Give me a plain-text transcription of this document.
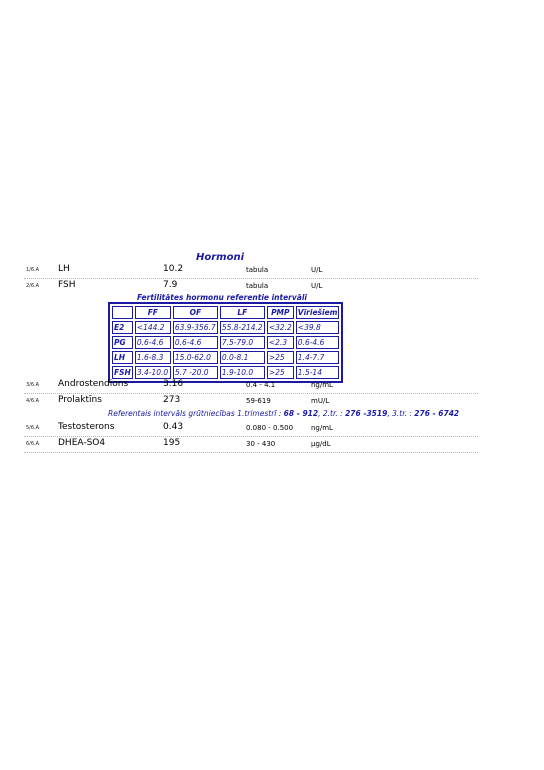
Hormoni
1/6.A LH	10.2	tabula	U/L
2/6.A FSH	7.9	tabula	U/L
Fertilitātes hormonu referentie intervāli
	FF	OF	LF	PMP	Vīriešiem
E2	<144.2	63.9-356.7	55.8-214.2	<32.2	<39.8
PG	0.6-4.6	0.6-4.6	7.5-79.0	<2.3	0.6-4.6
LH	1.6-8.3	15.0-62.0	0.0-8.1	>25	1.4-7.7
FSH	3.4-10.0	5.7 -20.0	1.9-10.0	>25	1.5-14
3/6.A Androstendions	3.16	0.4 - 4.1	ng/mL
4/6.A Prolaktīns	273	59-619	mU/L
Referentais intervāls grūtniecības 1.trimestrī : 68 - 912, 2.tr. : 276 -3519, 3.tr. : 276 - 6742
5/6.A Testosterons	0.43	0.080 - 0.500	ng/mL
6/6.A DHEA-SO4	195	30 - 430	µg/dL
